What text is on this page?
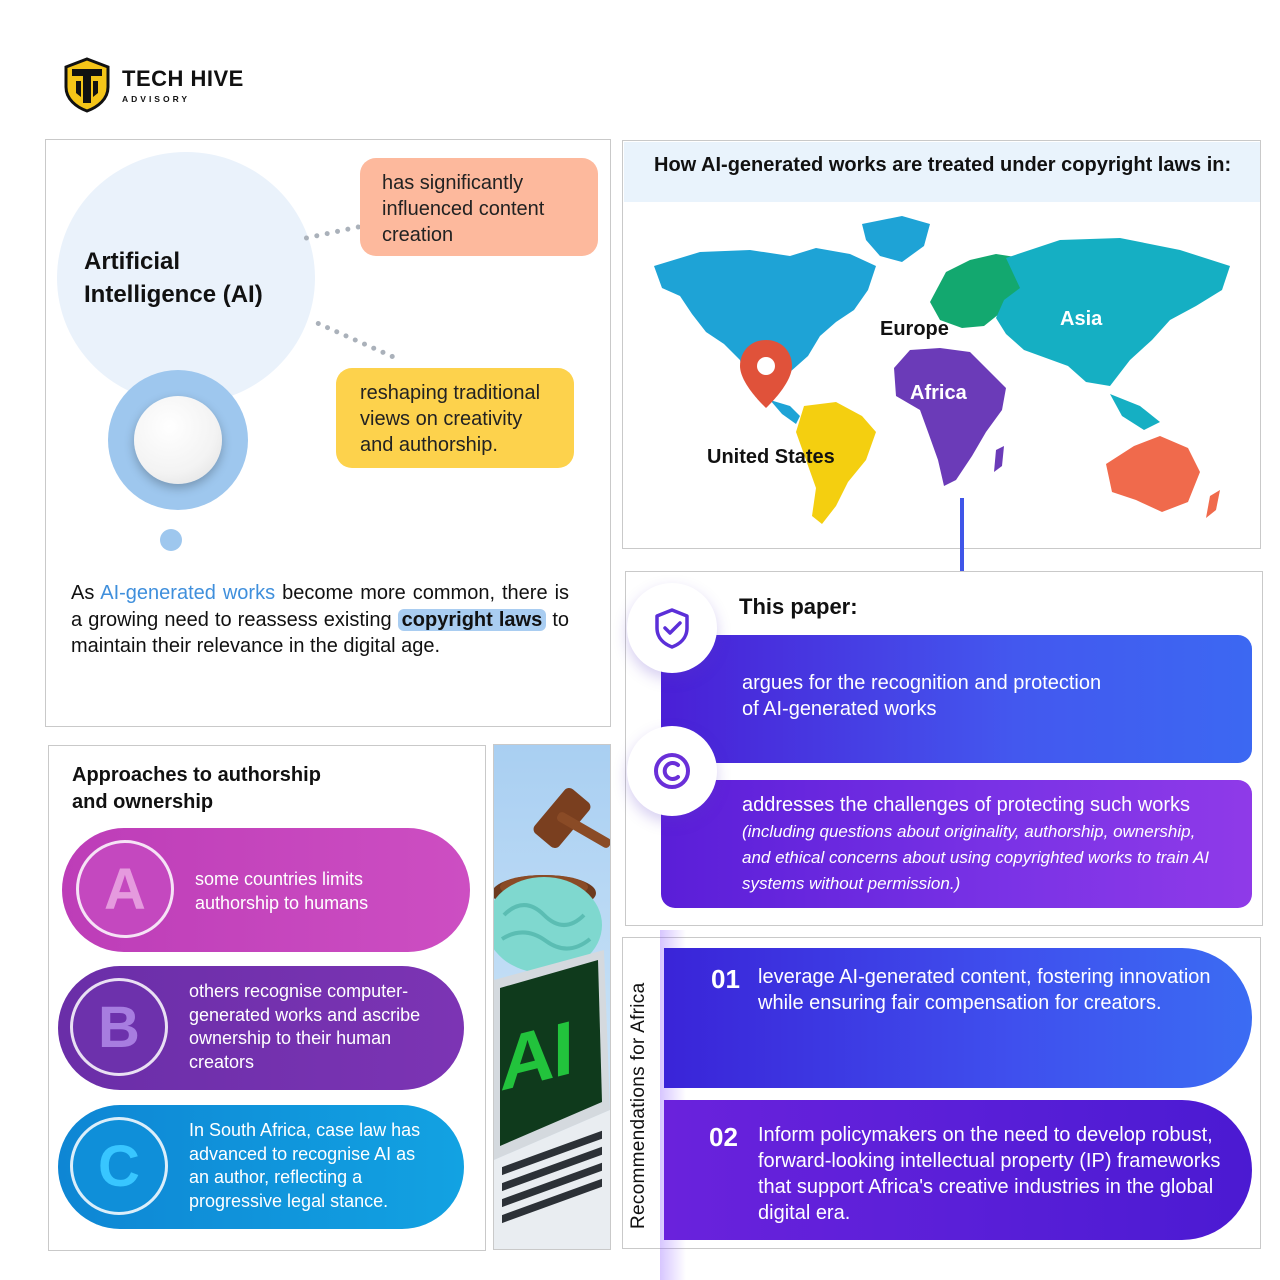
TECH HIVE
ADVISORY
Artificial Intelligence (AI)
has significantly influenced content creation
reshaping traditional views on creativity and authorship.
As AI-generated works become more common, there is a growing need to reassess existing copyright laws to maintain their relevance in the digital age.
How AI-generated works are treated under copyright laws in:
Europe	Asia
Africa
United States
Approaches to authorship and ownership
A	some countries limits authorship to humans
B
others recognise computer-generated works and ascribe ownership to their human creators
C
In South Africa, case law has advanced to recognise AI as an author, reflecting a progressive legal stance.
AI
This paper:
argues for the recognition and protection of AI-generated works
addresses the challenges of protecting such works (including questions about originality, authorship, ownership, and ethical concerns about using copyrighted works to train AI systems without permission.)
Recommendations for Africa
01 leverage AI-generated content, fostering innovation while ensuring fair compensation for creators.
02 Inform policymakers on the need to develop robust, forward-looking intellectual property (IP) frameworks that support Africa's creative industries in the global digital era.
